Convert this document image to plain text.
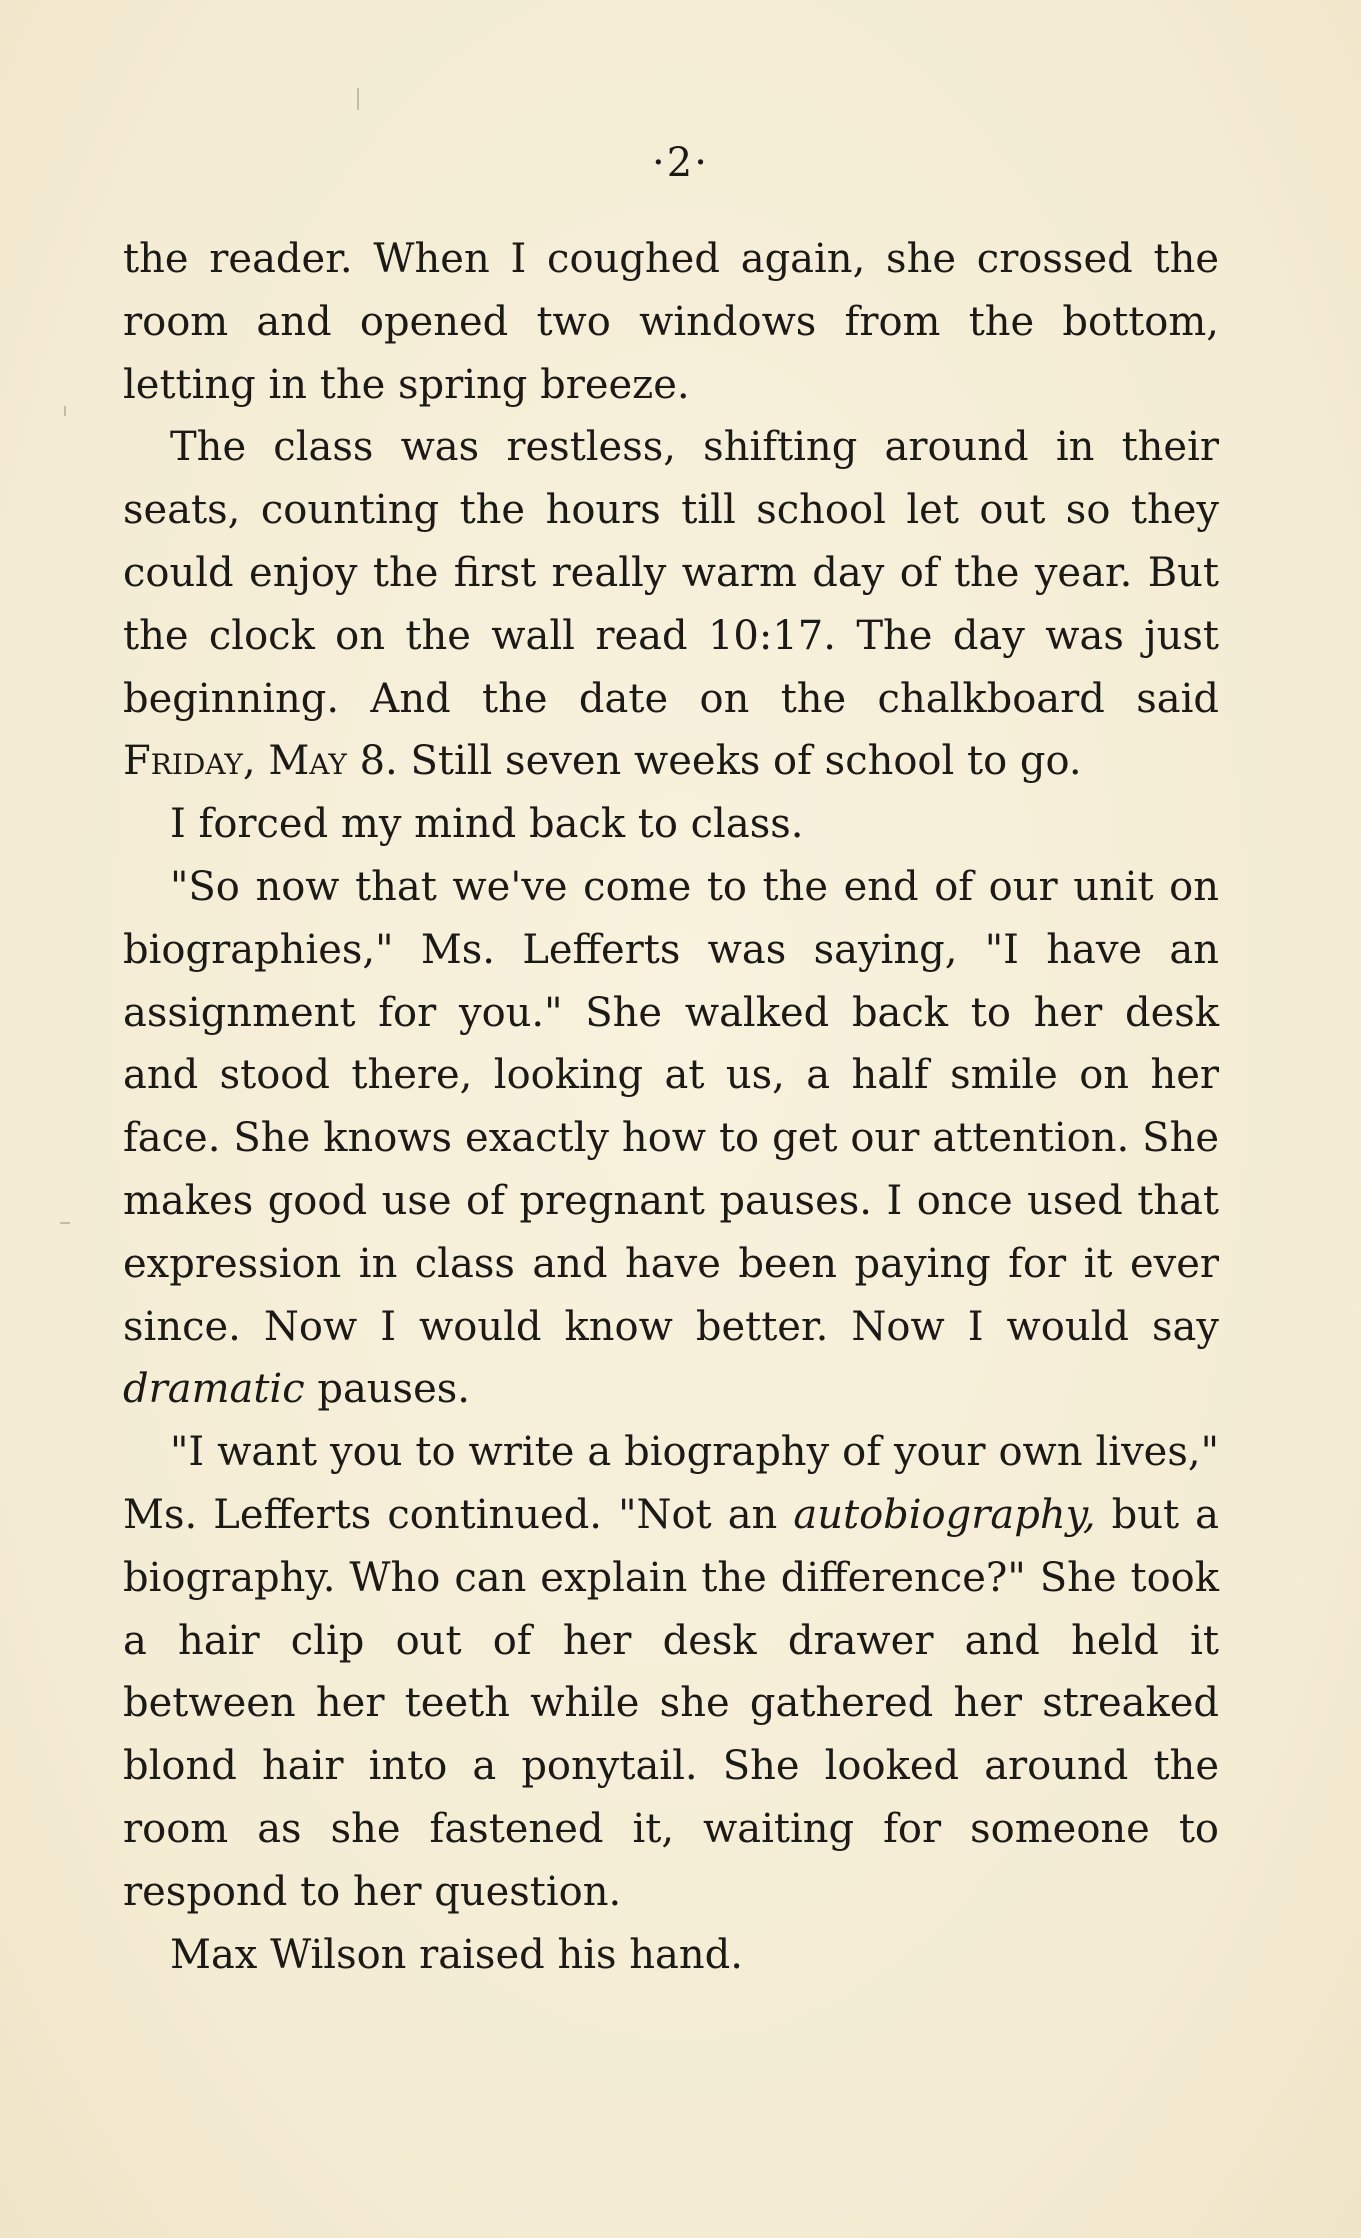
·2·

the reader. When I coughed again, she crossed the room and opened two windows from the bottom, letting in the spring breeze.

The class was restless, shifting around in their seats, counting the hours till school let out so they could enjoy the first really warm day of the year. But the clock on the wall read 10:17. The day was just beginning. And the date on the chalkboard said Friday, May 8. Still seven weeks of school to go.

I forced my mind back to class.

"So now that we've come to the end of our unit on biographies," Ms. Lefferts was saying, "I have an assignment for you." She walked back to her desk and stood there, looking at us, a half smile on her face. She knows exactly how to get our attention. She makes good use of pregnant pauses. I once used that expression in class and have been paying for it ever since. Now I would know better. Now I would say dramatic pauses.

"I want you to write a biography of your own lives," Ms. Lefferts continued. "Not an autobiography, but a biography. Who can explain the difference?" She took a hair clip out of her desk drawer and held it between her teeth while she gathered her streaked blond hair into a ponytail. She looked around the room as she fastened it, waiting for someone to respond to her question.

Max Wilson raised his hand.
